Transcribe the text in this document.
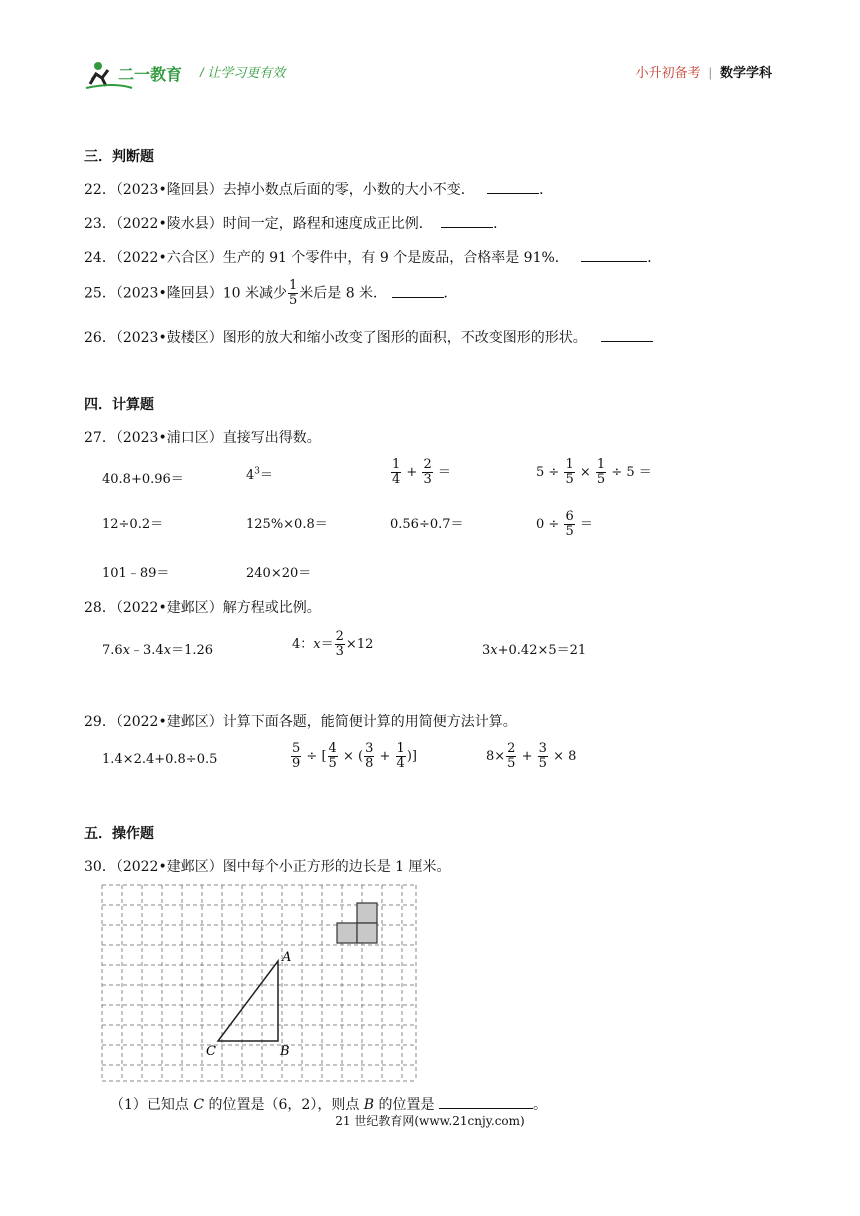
二一教育 / 让学习更有效	小升初备考 | 数学学科
三．判断题
22．（2023•隆回县）去掉小数点后面的零，小数的大小不变．	．
23．（2022•陵水县）时间一定，路程和速度成正比例．	．
24．（2022•六合区）生产的 91 个零件中，有 9 个是废品，合格率是 91%．	．
25．（2023•隆回县）10 米减少 $\frac{1}{5}$ 米后是 8 米．	．
26．（2023•鼓楼区）图形的放大和缩小改变了图形的面积，不改变图形的形状。
四．计算题
27．（2023•浦口区）直接写出得数。
40.8+0.96＝	$4^3=$	$\frac{1}{4} + \frac{2}{3}$ ＝	$5 \div \frac{1}{5} \times \frac{1}{5} \div 5$ ＝
12÷0.2＝	125%×0.8＝	0.56÷0.7＝	$0 \div \frac{6}{5}$ ＝
101﹣89＝	240×20＝
28．（2022•建邺区）解方程或比例。
7.6x﹣3.4x＝1.26	4：$x= \frac{2}{3} \times 12$	3x+0.42×5＝21
29．（2022•建邺区）计算下面各题，能简便计算的用简便方法计算。
1.4×2.4+0.8÷0.5	$\frac{5}{9}$ ÷ [ $\frac{4}{5}$ × ( $\frac{3}{8} + \frac{1}{4}$ )]	$8\times \frac{2}{5} + \frac{3}{5} \times 8$
五．操作题
30．（2022•建邺区）图中每个小正方形的边长是 1 厘米。
A
B
C
（1）已知点 C 的位置是（6，2），则点 B 的位置是	。
21 世纪教育网(www.21cnjy.com)
